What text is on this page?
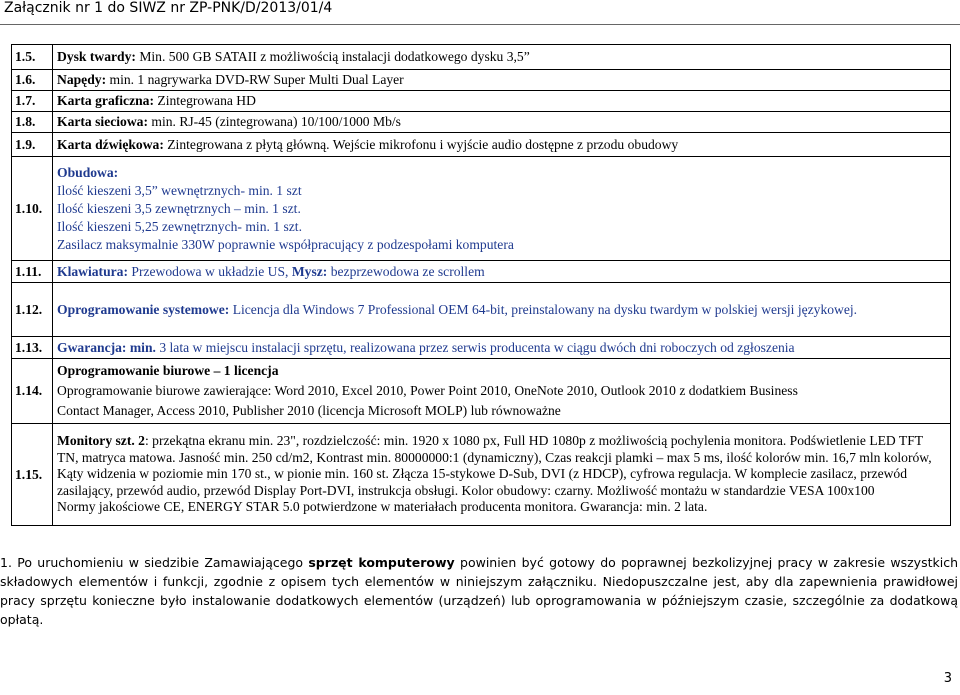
Załącznik nr 1 do SIWZ nr ZP-PNK/D/2013/01/4
1.5.	Dysk twardy: Min. 500 GB SATAII z możliwością instalacji dodatkowego dysku 3,5”
1.6.	Napędy: min. 1 nagrywarka DVD-RW Super Multi Dual Layer
1.7.	Karta graficzna: Zintegrowana HD
1.8.	Karta sieciowa: min. RJ-45 (zintegrowana) 10/100/1000 Mb/s
1.9.	Karta dźwiękowa: Zintegrowana z płytą główną. Wejście mikrofonu i wyjście audio dostępne z przodu obudowy
1.10.	Obudowa:
Ilość kieszeni 3,5” wewnętrznych- min. 1 szt
Ilość kieszeni 3,5 zewnętrznych – min. 1 szt.
Ilość kieszeni 5,25 zewnętrznych- min. 1 szt.
Zasilacz maksymalnie 330W poprawnie współpracujący z podzespołami komputera

1.11.	Klawiatura: Przewodowa w układzie US, Mysz: bezprzewodowa ze scrollem
1.12.	Oprogramowanie systemowe: Licencja dla Windows 7 Professional OEM 64-bit, preinstalowany na dysku twardym w polskiej wersji językowej.
1.13.	Gwarancja: min. 3 lata w miejscu instalacji sprzętu, realizowana przez serwis producenta w ciągu dwóch dni roboczych od zgłoszenia
1.14.	Oprogramowanie biurowe – 1 licencja
Oprogramowanie biurowe zawierające: Word 2010, Excel 2010, Power Point 2010, OneNote 2010, Outlook 2010 z dodatkiem Business
Contact Manager, Access 2010, Publisher 2010 (licencja Microsoft MOLP) lub równoważne

1.15.	Monitory szt. 2: przekątna ekranu min. 23", rozdzielczość: min. 1920 x 1080 px, Full HD 1080p z możliwością pochylenia monitora. Podświetlenie LED TFT TN, matryca matowa. Jasność min. 250 cd/m2, Kontrast min. 80000000:1 (dynamiczny), Czas reakcji plamki – max 5 ms, ilość kolorów min. 16,7 mln kolorów, Kąty widzenia w poziomie min 170 st., w pionie min. 160 st. Złącza 15-stykowe D-Sub, DVI (z HDCP), cyfrowa regulacja. W komplecie zasilacz, przewód zasilający, przewód audio, przewód Display Port-DVI, instrukcja obsługi. Kolor obudowy: czarny. Możliwość montażu w standardzie VESA 100x100
Normy jakościowe CE, ENERGY STAR 5.0 potwierdzone w materiałach producenta monitora. Gwarancja: min. 2 lata.
1. Po uruchomieniu w siedzibie Zamawiającego sprzęt komputerowy powinien być gotowy do poprawnej bezkolizyjnej pracy w zakresie wszystkich składowych elementów i funkcji, zgodnie z opisem tych elementów w niniejszym załączniku. Niedopuszczalne jest, aby dla zapewnienia prawidłowej pracy sprzętu konieczne było instalowanie dodatkowych elementów (urządzeń) lub oprogramowania w późniejszym czasie, szczególnie za dodatkową opłatą.
3
